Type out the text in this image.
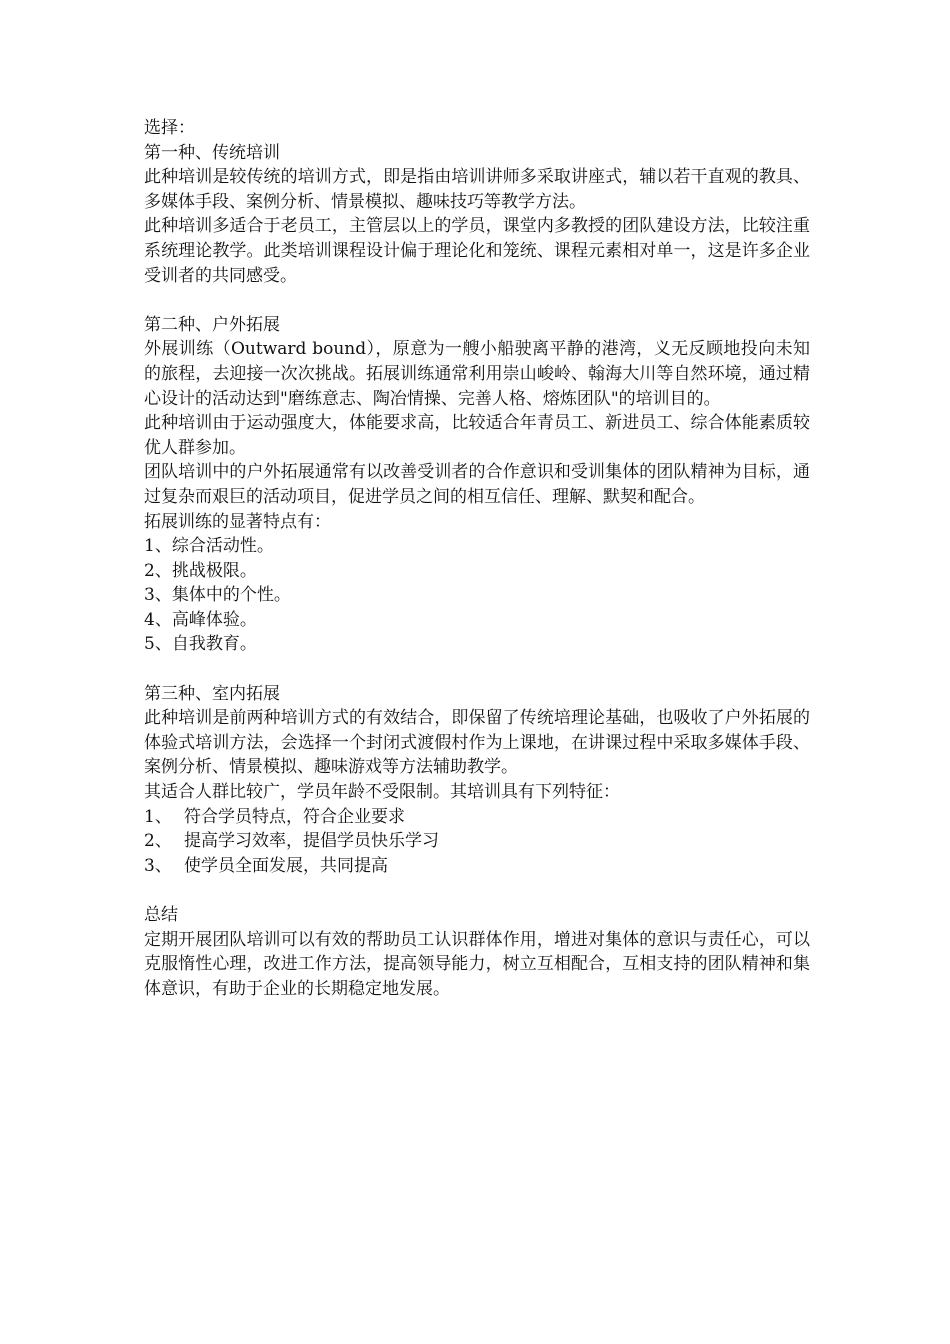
选择：

第一种、传统培训

此种培训是较传统的培训方式，即是指由培训讲师多采取讲座式，辅以若干直观的教具、多媒体手段、案例分析、情景模拟、趣味技巧等教学方法。

此种培训多适合于老员工，主管层以上的学员，课堂内多教授的团队建设方法，比较注重系统理论教学。此类培训课程设计偏于理论化和笼统、课程元素相对单一，这是许多企业受训者的共同感受。

第二种、户外拓展

外展训练（Outward bound），原意为一艘小船驶离平静的港湾，义无反顾地投向未知的旅程，去迎接一次次挑战。拓展训练通常利用崇山峻岭、翰海大川等自然环境，通过精心设计的活动达到"磨练意志、陶冶情操、完善人格、熔炼团队"的培训目的。

此种培训由于运动强度大，体能要求高，比较适合年青员工、新进员工、综合体能素质较优人群参加。

团队培训中的户外拓展通常有以改善受训者的合作意识和受训集体的团队精神为目标，通过复杂而艰巨的活动项目，促进学员之间的相互信任、理解、默契和配合。

拓展训练的显著特点有：

1、综合活动性。

2、挑战极限。

3、集体中的个性。

4、高峰体验。

5、自我教育。

第三种、室内拓展

此种培训是前两种培训方式的有效结合，即保留了传统培理论基础，也吸收了户外拓展的体验式培训方法，会选择一个封闭式渡假村作为上课地，在讲课过程中采取多媒体手段、案例分析、情景模拟、趣味游戏等方法辅助教学。

其适合人群比较广，学员年龄不受限制。其培训具有下列特征：

1、 符合学员特点，符合企业要求

2、 提高学习效率，提倡学员快乐学习

3、 使学员全面发展，共同提高

总结

定期开展团队培训可以有效的帮助员工认识群体作用，增进对集体的意识与责任心，可以克服惰性心理，改进工作方法，提高领导能力，树立互相配合，互相支持的团队精神和集体意识，有助于企业的长期稳定地发展。
